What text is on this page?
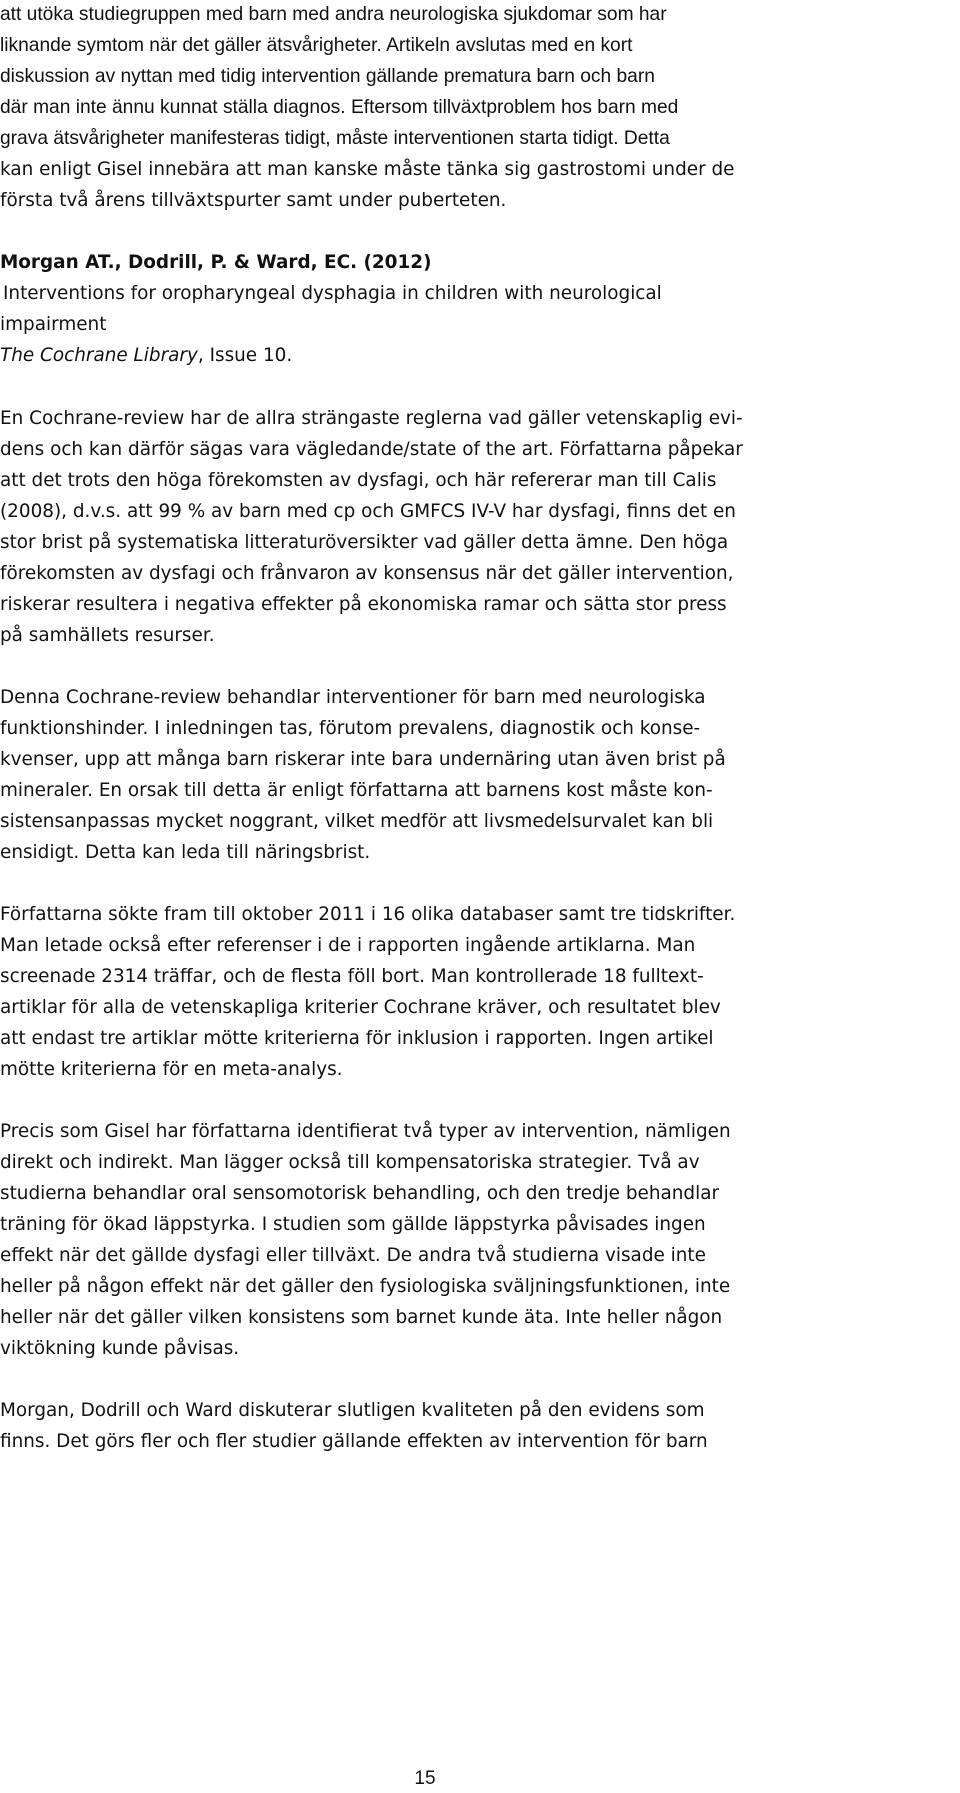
att utöka studiegruppen med barn med andra neurologiska sjukdomar som har

liknande symtom när det gäller ätsvårigheter. Artikeln avslutas med en kort

diskussion av nyttan med tidig intervention gällande prematura barn och barn

där man inte ännu kunnat ställa diagnos. Eftersom tillväxtproblem hos barn med

grava ätsvårigheter manifesteras tidigt, måste interventionen starta tidigt. Detta

kan enligt Gisel innebära att man kanske måste tänka sig gastrostomi under de

första två årens tillväxtspurter samt under puberteten.

Morgan AT., Dodrill, P. & Ward, EC. (2012)

Interventions for oropharyngeal dysphagia in children with neurological

impairment

The Cochrane Library, Issue 10.

En Cochrane-review har de allra strängaste reglerna vad gäller vetenskaplig evi-

dens och kan därför sägas vara vägledande/state of the art. Författarna påpekar

att det trots den höga förekomsten av dysfagi, och här refererar man till Calis

(2008), d.v.s. att 99 % av barn med cp och GMFCS IV-V har dysfagi, finns det en

stor brist på systematiska litteraturöversikter vad gäller detta ämne. Den höga

förekomsten av dysfagi och frånvaron av konsensus när det gäller intervention,

riskerar resultera i negativa effekter på ekonomiska ramar och sätta stor press

på samhällets resurser.

Denna Cochrane-review behandlar interventioner för barn med neurologiska

funktionshinder. I inledningen tas, förutom prevalens, diagnostik och konse-

kvenser, upp att många barn riskerar inte bara undernäring utan även brist på

mineraler. En orsak till detta är enligt författarna att barnens kost måste kon-

sistensanpassas mycket noggrant, vilket medför att livsmedelsurvalet kan bli

ensidigt. Detta kan leda till näringsbrist.

Författarna sökte fram till oktober 2011 i 16 olika databaser samt tre tidskrifter.

Man letade också efter referenser i de i rapporten ingående artiklarna. Man

screenade 2314 träffar, och de flesta föll bort. Man kontrollerade 18 fulltext-

artiklar för alla de vetenskapliga kriterier Cochrane kräver, och resultatet blev

att endast tre artiklar mötte kriterierna för inklusion i rapporten. Ingen artikel

mötte kriterierna för en meta-analys.

Precis som Gisel har författarna identifierat två typer av intervention, nämligen

direkt och indirekt. Man lägger också till kompensatoriska strategier. Två av

studierna behandlar oral sensomotorisk behandling, och den tredje behandlar

träning för ökad läppstyrka. I studien som gällde läppstyrka påvisades ingen

effekt när det gällde dysfagi eller tillväxt. De andra två studierna visade inte

heller på någon effekt när det gäller den fysiologiska sväljningsfunktionen, inte

heller när det gäller vilken konsistens som barnet kunde äta. Inte heller någon

viktökning kunde påvisas.

Morgan, Dodrill och Ward diskuterar slutligen kvaliteten på den evidens som

finns. Det görs fler och fler studier gällande effekten av intervention för barn

15
